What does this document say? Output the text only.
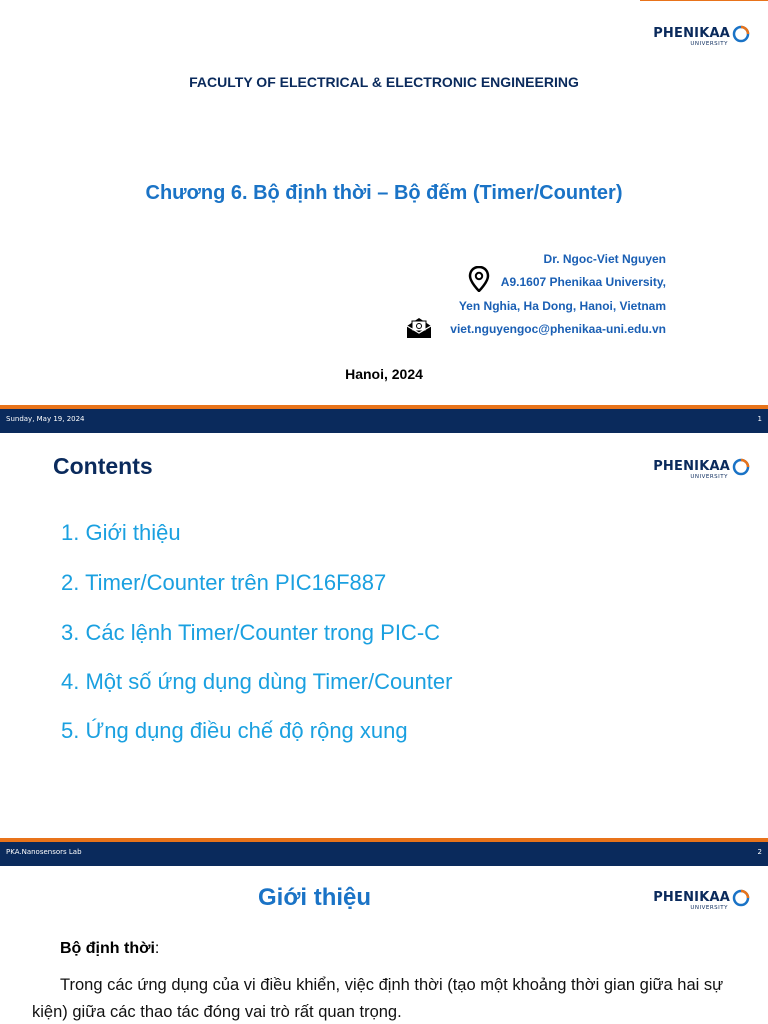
PHENIKAA
UNIVERSITY
FACULTY OF ELECTRICAL & ELECTRONIC ENGINEERING
Chương 6. Bộ định thời – Bộ đếm (Timer/Counter)
Dr. Ngoc-Viet Nguyen
A9.1607 Phenikaa University,
Yen Nghia, Ha Dong, Hanoi, Vietnam
viet.nguyengoc@phenikaa-uni.edu.vn
Hanoi, 2024
Sunday, May 19, 2024	1
Contents	PHENIKAA
UNIVERSITY
1. Giới thiệu
2. Timer/Counter trên PIC16F887
3. Các lệnh Timer/Counter trong PIC-C
4. Một số ứng dụng dùng Timer/Counter
5. Ứng dụng điều chế độ rộng xung
PKA.Nanosensors Lab	2
Giới thiệu	PHENIKAA
UNIVERSITY
Bộ định thời:
Trong các ứng dụng của vi điều khiển, việc định thời (tạo một khoảng thời gian giữa hai sự kiện) giữa các thao tác đóng vai trò rất quan trọng.
